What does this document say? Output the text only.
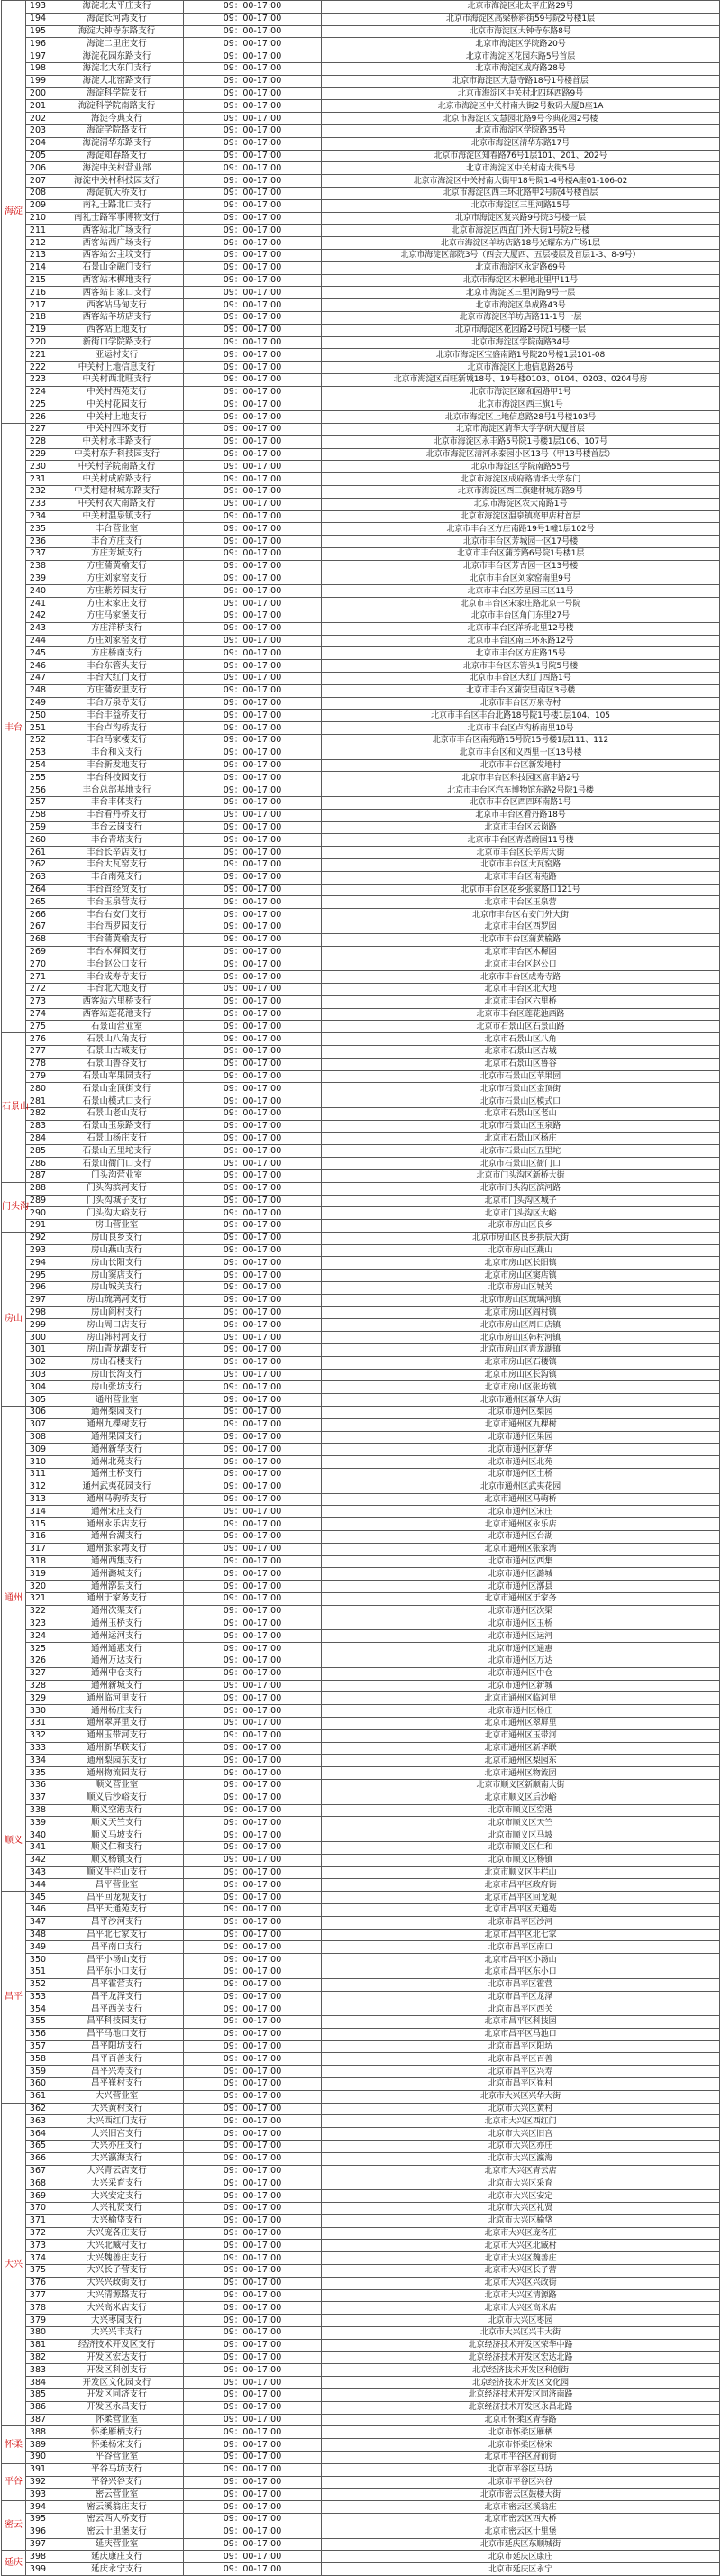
海淀	193	海淀北太平庄支行	09：00-17:00	北京市海淀区北太平庄路29号
	194	海淀长河湾支行	09：00-17:00	北京市海淀区高梁桥斜街59号院2号楼1层
	195	海淀大钟寺东路支行	09：00-17:00	北京市海淀区大钟寺东路8号
	196	海淀二里庄支行	09：00-17:00	北京市海淀区学院路20号
	197	海淀花园东路支行	09：00-17:00	北京市海淀区花园东路5号首层
	198	海淀北大东门支行	09：00-17:00	北京市海淀区成府路28号
	199	海淀大北窑路支行	09：00-17:00	北京市海淀区大慧寺路18号1号楼首层
	200	海淀科学院支行	09：00-17:00	北京市海淀区中关村北四环西路9号
	201	海淀科学院南路支行	09：00-17:00	北京市海淀区中关村南大街2号数码大厦B座1A
	202	海淀今典支行	09：00-17:00	北京市海淀区文慧园北路9号今典花园2号楼
	203	海淀学院路支行	09：00-17:00	北京市海淀区学院路35号
	204	海淀清华东路支行	09：00-17:00	北京市海淀区清华东路17号
	205	海淀知春路支行	09：00-17:00	北京市海淀区知春路76号1层101、201、202号
	206	海淀中关村营业部	09：00-17:00	北京市海淀区中关村南大街5号
	207	海淀中关村科技园支行	09：00-17:00	北京市海淀区中关村南大街甲18号院1-4号楼A座01-106-02
	208	海淀航天桥支行	09：00-17:00	北京市海淀区西三环北路甲2号院4号楼首层
	209	南礼士路北口支行	09：00-17:00	北京市海淀区三里河路15号
	210	南礼士路军事博物支行	09：00-17:00	北京市海淀区复兴路9号院3号楼一层
	211	西客站北广场支行	09：00-17:00	北京市海淀区西直门外大街1号院2号楼
	212	西客站西广场支行	09：00-17:00	北京市海淀区羊坊店路18号光耀东方广场1层
	213	西客站公主坟支行	09：00-17:00	北京市海淀区部院3号（西会大厦西、五层楼层及首层1-3、8-9号）
	214	石景山金融门支行	09：00-17:00	北京市海淀区永定路69号
	215	西客站木樨地支行	09：00-17:00	北京市海淀区木樨地北里甲11号
	216	西客站甘家口支行	09：00-17:00	北京市海淀区三里河路9号一层
	217	西客站马甸支行	09：00-17:00	北京市海淀区阜成路43号
	218	西客站羊坊店支行	09：00-17:00	北京市海淀区羊坊店路11-1号一层
	219	西客站上地支行	09：00-17:00	北京市海淀区花园路2号院1号楼一层
	220	新街口学院路支行	09：00-17:00	北京市海淀区学院南路34号
	221	亚运村支行	09：00-17:00	北京市海淀区宝盛南路1号院20号楼1层101-08
	222	中关村上地信息支行	09：00-17:00	北京市海淀区上地信息路26号
	223	中关村西北旺支行	09：00-17:00	北京市海淀区百旺新城18号、19号楼0103、0104、0203、0204号房
	224	中关村西苑支行	09：00-17:00	北京市海淀区颐和园路甲1号
	225	中关村花园支行	09：00-17:00	北京市海淀区西三旗1号
	226	中关村上地支行	09：00-17:00	北京市海淀区上地信息路28号1号楼103号
丰台	227	中关村四环支行	09：00-17:00	北京市海淀区清华大学学研大厦首层
	228	中关村永丰路支行	09：00-17:00	北京市海淀区永丰路5号院1号楼1层106、107号
	229	中关村东升科技园支行	09：00-17:00	北京市海淀区清河永泰园小区13号（甲13号楼首层）
	230	中关村学院南路支行	09：00-17:00	北京市海淀区学院南路55号
	231	中关村成府路支行	09：00-17:00	北京市海淀区成府路清华大学东门
	232	中关村建材城东路支行	09：00-17:00	北京市海淀区西三旗建材城东路9号
	233	中关村农大南路支行	09：00-17:00	北京市海淀区农大南路1号
	234	中关村温泉镇支行	09：00-17:00	北京市海淀区温泉镇亮甲店村首层
	235	丰台营业室	09：00-17:00	北京市丰台区方庄南路19号1幢1层102号
	236	丰台方庄支行	09：00-17:00	北京市丰台区芳城园一区17号楼
	237	方庄芳城支行	09：00-17:00	北京市丰台区蒲芳路6号院1号楼1层
	238	方庄蒲黄榆支行	09：00-17:00	北京市丰台区芳古园一区13号楼
	239	方庄刘家窑支行	09：00-17:00	北京市丰台区刘家窑南里9号
	240	方庄紫芳园支行	09：00-17:00	北京市丰台区芳星园三区11号
	241	方庄宋家庄支行	09：00-17:00	北京市丰台区宋家庄路北京一号院
	242	方庄马家堡支行	09：00-17:00	北京市丰台区角门东里27号
	243	方庄洋桥支行	09：00-17:00	北京市丰台区洋桥北里12号楼
	244	方庄刘家窑支行	09：00-17:00	北京市丰台区南三环东路12号
	245	方庄桥南支行	09：00-17:00	北京市丰台区方庄路15号
	246	丰台东管头支行	09：00-17:00	北京市丰台区东管头1号院5号楼
	247	丰台大红门支行	09：00-17:00	北京市丰台区大红门西路1号
	248	方庄蒲安里支行	09：00-17:00	北京市丰台区蒲安里南区3号楼
	249	丰台万泉寺支行	09：00-17:00	北京市丰台区万泉寺村
	250	丰台丰益桥支行	09：00-17:00	北京市丰台区丰台北路18号院1号楼1层104、105
	251	丰台卢沟桥支行	09：00-17:00	北京市丰台区卢沟桥南里10号
	252	丰台马家楼支行	09：00-17:00	北京市丰台区南苑路15号院15号楼1层111、112
	253	丰台和义支行	09：00-17:00	北京市丰台区和义西里一区13号楼
	254	丰台新发地支行	09：00-17:00	北京市丰台区新发地村
	255	丰台科技园支行	09：00-17:00	北京市丰台区科技园区富丰路2号
	256	丰台总部基地支行	09：00-17:00	北京市丰台区汽车博物馆东路2号院1号楼
	257	丰台丰体支行	09：00-17:00	北京市丰台区西四环南路1号
	258	丰台看丹桥支行	09：00-17:00	北京市丰台区看丹路18号
	259	丰台云岗支行	09：00-17:00	北京市丰台区云岗路
	260	丰台青塔支行	09：00-17:00	北京市丰台区青塔蔚园11号楼
	261	丰台长辛店支行	09：00-17:00	北京市丰台区长辛店大街
	262	丰台大瓦窑支行	09：00-17:00	北京市丰台区大瓦窑路
	263	丰台南苑支行	09：00-17:00	北京市丰台区南苑路
	264	丰台首经贸支行	09：00-17:00	北京市丰台区花乡张家路口121号
	265	丰台玉泉营支行	09：00-17:00	北京市丰台区玉泉营
	266	丰台右安门支行	09：00-17:00	北京市丰台区右安门外大街
	267	丰台西罗园支行	09：00-17:00	北京市丰台区西罗园
	268	丰台蒲黄榆支行	09：00-17:00	北京市丰台区蒲黄榆路
	269	丰台木樨园支行	09：00-17:00	北京市丰台区木樨园
	270	丰台赵公口支行	09：00-17:00	北京市丰台区赵公口
	271	丰台成寿寺支行	09：00-17:00	北京市丰台区成寿寺路
	272	丰台北大地支行	09：00-17:00	北京市丰台区北大地
	273	西客站六里桥支行	09：00-17:00	北京市丰台区六里桥
	274	西客站莲花池支行	09：00-17:00	北京市丰台区莲花池西路
	275	石景山营业室	09：00-17:00	北京市石景山区石景山路
石景山	276	石景山八角支行	09：00-17:00	北京市石景山区八角
	277	石景山古城支行	09：00-17:00	北京市石景山区古城
	278	石景山鲁谷支行	09：00-17:00	北京市石景山区鲁谷
	279	石景山苹果园支行	09：00-17:00	北京市石景山区苹果园
	280	石景山金顶街支行	09：00-17:00	北京市石景山区金顶街
	281	石景山模式口支行	09：00-17:00	北京市石景山区模式口
	282	石景山老山支行	09：00-17:00	北京市石景山区老山
	283	石景山玉泉路支行	09：00-17:00	北京市石景山区玉泉路
	284	石景山杨庄支行	09：00-17:00	北京市石景山区杨庄
	285	石景山五里坨支行	09：00-17:00	北京市石景山区五里坨
	286	石景山衙门口支行	09：00-17:00	北京市石景山区衙门口
	287	门头沟营业室	09：00-17:00	北京市门头沟区新桥大街
门头沟	288	门头沟滨河支行	09：00-17:00	北京市门头沟区滨河路
	289	门头沟城子支行	09：00-17:00	北京市门头沟区城子
	290	门头沟大峪支行	09：00-17:00	北京市门头沟区大峪
	291	房山营业室	09：00-17:00	北京市房山区良乡
房山	292	房山良乡支行	09：00-17:00	北京市房山区良乡拱辰大街
	293	房山燕山支行	09：00-17:00	北京市房山区燕山
	294	房山长阳支行	09：00-17:00	北京市房山区长阳镇
	295	房山窦店支行	09：00-17:00	北京市房山区窦店镇
	296	房山城关支行	09：00-17:00	北京市房山区城关
	297	房山琉璃河支行	09：00-17:00	北京市房山区琉璃河镇
	298	房山阎村支行	09：00-17:00	北京市房山区阎村镇
	299	房山周口店支行	09：00-17:00	北京市房山区周口店镇
	300	房山韩村河支行	09：00-17:00	北京市房山区韩村河镇
	301	房山青龙湖支行	09：00-17:00	北京市房山区青龙湖镇
	302	房山石楼支行	09：00-17:00	北京市房山区石楼镇
	303	房山长沟支行	09：00-17:00	北京市房山区长沟镇
	304	房山张坊支行	09：00-17:00	北京市房山区张坊镇
	305	通州营业室	09：00-17:00	北京市通州区新华大街
通州	306	通州梨园支行	09：00-17:00	北京市通州区梨园
	307	通州九棵树支行	09：00-17:00	北京市通州区九棵树
	308	通州果园支行	09：00-17:00	北京市通州区果园
	309	通州新华支行	09：00-17:00	北京市通州区新华
	310	通州北苑支行	09：00-17:00	北京市通州区北苑
	311	通州土桥支行	09：00-17:00	北京市通州区土桥
	312	通州武夷花园支行	09：00-17:00	北京市通州区武夷花园
	313	通州马驹桥支行	09：00-17:00	北京市通州区马驹桥
	314	通州宋庄支行	09：00-17:00	北京市通州区宋庄
	315	通州永乐店支行	09：00-17:00	北京市通州区永乐店
	316	通州台湖支行	09：00-17:00	北京市通州区台湖
	317	通州张家湾支行	09：00-17:00	北京市通州区张家湾
	318	通州西集支行	09：00-17:00	北京市通州区西集
	319	通州潞城支行	09：00-17:00	北京市通州区潞城
	320	通州漷县支行	09：00-17:00	北京市通州区漷县
	321	通州于家务支行	09：00-17:00	北京市通州区于家务
	322	通州次渠支行	09：00-17:00	北京市通州区次渠
	323	通州玉桥支行	09：00-17:00	北京市通州区玉桥
	324	通州运河支行	09：00-17:00	北京市通州区运河
	325	通州通惠支行	09：00-17:00	北京市通州区通惠
	326	通州万达支行	09：00-17:00	北京市通州区万达
	327	通州中仓支行	09：00-17:00	北京市通州区中仓
	328	通州新城支行	09：00-17:00	北京市通州区新城
	329	通州临河里支行	09：00-17:00	北京市通州区临河里
	330	通州杨庄支行	09：00-17:00	北京市通州区杨庄
	331	通州翠屏里支行	09：00-17:00	北京市通州区翠屏里
	332	通州玉带河支行	09：00-17:00	北京市通州区玉带河
	333	通州新华联支行	09：00-17:00	北京市通州区新华联
	334	通州梨园东支行	09：00-17:00	北京市通州区梨园东
	335	通州物流园支行	09：00-17:00	北京市通州区物流园
	336	顺义营业室	09：00-17:00	北京市顺义区新顺南大街
顺义	337	顺义后沙峪支行	09：00-17:00	北京市顺义区后沙峪
	338	顺义空港支行	09：00-17:00	北京市顺义区空港
	339	顺义天竺支行	09：00-17:00	北京市顺义区天竺
	340	顺义马坡支行	09：00-17:00	北京市顺义区马坡
	341	顺义仁和支行	09：00-17:00	北京市顺义区仁和
	342	顺义杨镇支行	09：00-17:00	北京市顺义区杨镇
	343	顺义牛栏山支行	09：00-17:00	北京市顺义区牛栏山
	344	昌平营业室	09：00-17:00	北京市昌平区政府街
昌平	345	昌平回龙观支行	09：00-17:00	北京市昌平区回龙观
	346	昌平天通苑支行	09：00-17:00	北京市昌平区天通苑
	347	昌平沙河支行	09：00-17:00	北京市昌平区沙河
	348	昌平北七家支行	09：00-17:00	北京市昌平区北七家
	349	昌平南口支行	09：00-17:00	北京市昌平区南口
	350	昌平小汤山支行	09：00-17:00	北京市昌平区小汤山
	351	昌平东小口支行	09：00-17:00	北京市昌平区东小口
	352	昌平霍营支行	09：00-17:00	北京市昌平区霍营
	353	昌平龙泽支行	09：00-17:00	北京市昌平区龙泽
	354	昌平西关支行	09：00-17:00	北京市昌平区西关
	355	昌平科技园支行	09：00-17:00	北京市昌平区科技园
	356	昌平马池口支行	09：00-17:00	北京市昌平区马池口
	357	昌平阳坊支行	09：00-17:00	北京市昌平区阳坊
	358	昌平百善支行	09：00-17:00	北京市昌平区百善
	359	昌平兴寿支行	09：00-17:00	北京市昌平区兴寿
	360	昌平崔村支行	09：00-17:00	北京市昌平区崔村
	361	大兴营业室	09：00-17:00	北京市大兴区兴华大街
大兴	362	大兴黄村支行	09：00-17:00	北京市大兴区黄村
	363	大兴西红门支行	09：00-17:00	北京市大兴区西红门
	364	大兴旧宫支行	09：00-17:00	北京市大兴区旧宫
	365	大兴亦庄支行	09：00-17:00	北京市大兴区亦庄
	366	大兴瀛海支行	09：00-17:00	北京市大兴区瀛海
	367	大兴青云店支行	09：00-17:00	北京市大兴区青云店
	368	大兴采育支行	09：00-17:00	北京市大兴区采育
	369	大兴安定支行	09：00-17:00	北京市大兴区安定
	370	大兴礼贤支行	09：00-17:00	北京市大兴区礼贤
	371	大兴榆垡支行	09：00-17:00	北京市大兴区榆垡
	372	大兴庞各庄支行	09：00-17:00	北京市大兴区庞各庄
	373	大兴北臧村支行	09：00-17:00	北京市大兴区北臧村
	374	大兴魏善庄支行	09：00-17:00	北京市大兴区魏善庄
	375	大兴长子营支行	09：00-17:00	北京市大兴区长子营
	376	大兴兴政街支行	09：00-17:00	北京市大兴区兴政街
	377	大兴清源路支行	09：00-17:00	北京市大兴区清源路
	378	大兴高米店支行	09：00-17:00	北京市大兴区高米店
	379	大兴枣园支行	09：00-17:00	北京市大兴区枣园
	380	大兴兴丰支行	09：00-17:00	北京市大兴区兴丰大街
	381	经济技术开发区支行	09：00-17:00	北京经济技术开发区荣华中路
	382	开发区宏达支行	09：00-17:00	北京经济技术开发区宏达北路
	383	开发区科创支行	09：00-17:00	北京经济技术开发区科创街
	384	开发区文化园支行	09：00-17:00	北京经济技术开发区文化园
	385	开发区同济支行	09：00-17:00	北京经济技术开发区同济南路
	386	开发区永昌支行	09：00-17:00	北京经济技术开发区永昌北路
	387	怀柔营业室	09：00-17:00	北京市怀柔区青春路
怀柔	388	怀柔雁栖支行	09：00-17:00	北京市怀柔区雁栖
	389	怀柔杨宋支行	09：00-17:00	北京市怀柔区杨宋
	390	平谷营业室	09：00-17:00	北京市平谷区府前街
平谷	391	平谷马坊支行	09：00-17:00	北京市平谷区马坊
	392	平谷兴谷支行	09：00-17:00	北京市平谷区兴谷
	393	密云营业室	09：00-17:00	北京市密云区鼓楼大街
密云	394	密云溪翁庄支行	09：00-17:00	北京市密云区溪翁庄
	395	密云西大桥支行	09：00-17:00	北京市密云区西大桥
	396	密云十里堡支行	09：00-17:00	北京市密云区十里堡
	397	延庆营业室	09：00-17:00	北京市延庆区东顺城街
延庆	398	延庆康庄支行	09：00-17:00	北京市延庆区康庄
	399	延庆永宁支行	09：00-17:00	北京市延庆区永宁
